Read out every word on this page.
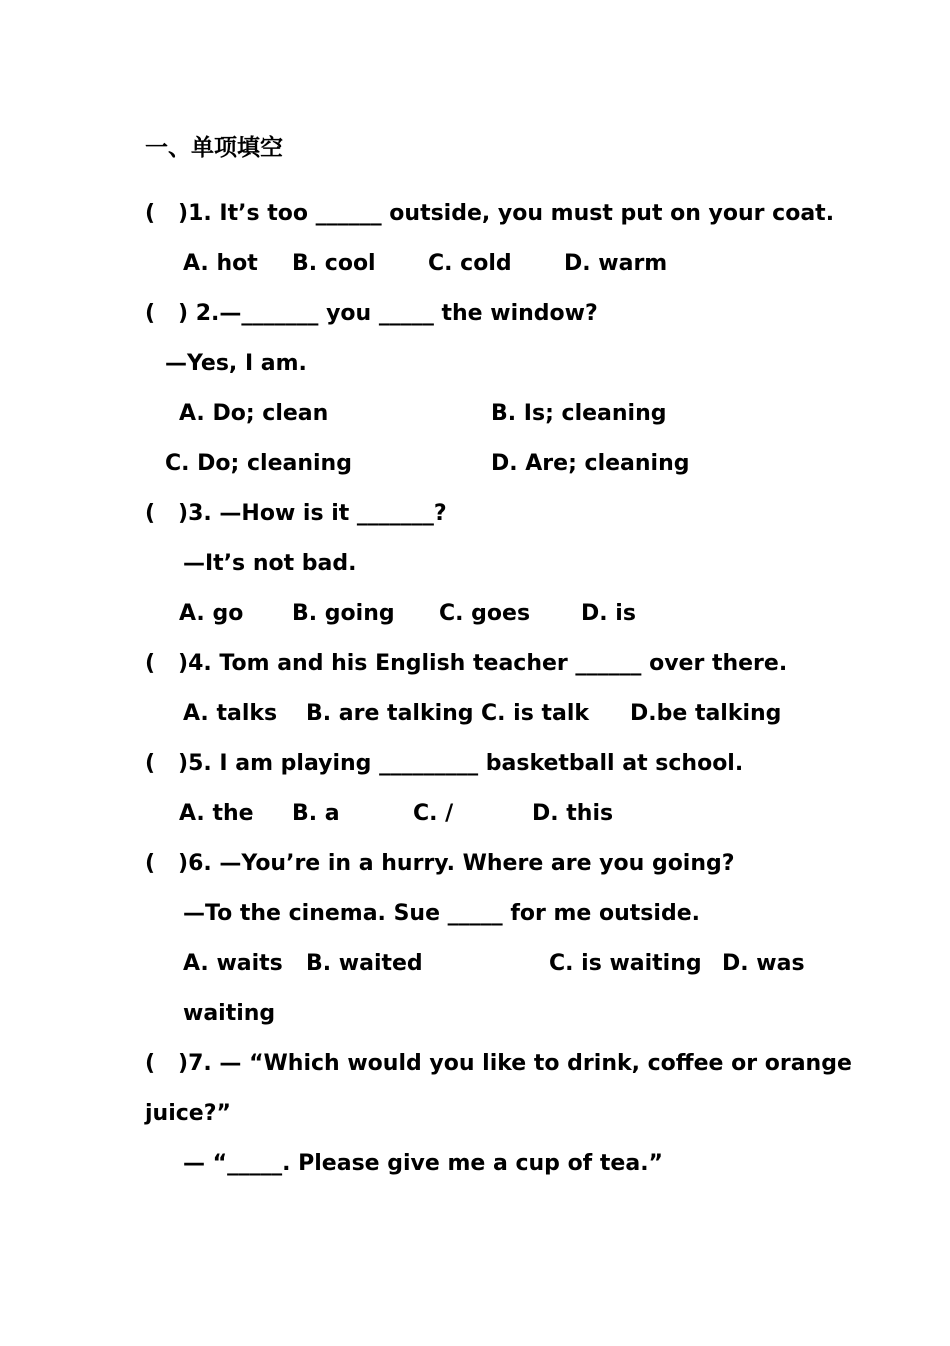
一、单项填空
(   )1. It’s too ______ outside, you must put on your coat.
A. hot B. cool C. cold D. warm
(   ) 2.—_______ you _____ the window?
—Yes, I am.
A. Do; clean	B. Is; cleaning
C. Do; cleaning	D. Are; cleaning
(   )3. —How is it _______?
—It’s not bad.
A. go B. going C. goes D. is
(   )4. Tom and his English teacher ______ over there.
A. talks B. are talking C. is talk D.be talking
(   )5. I am playing _________ basketball at school.
A. the B. a	C. /	D. this
(   )6. —You’re in a hurry. Where are you going?
—To the cinema. Sue _____ for me outside.
A. waits B. waited	C. is waiting D. was
waiting
(   )7. — “Which would you like to drink, coffee or orange
juice?”
— “_____. Please give me a cup of tea.”
